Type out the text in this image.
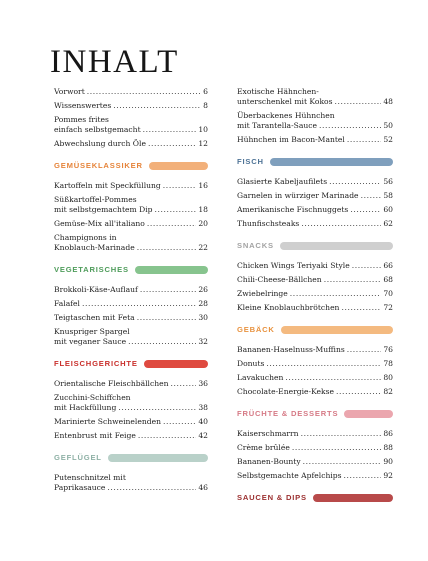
INHALT
Vorwort .....	6
Wissenswertes .....	8
Pommes frites
einfach selbstgemacht .....	10
Abwechslung durch Öle .....	12
GEMÜSEKLASSIKER
Kartoffeln mit Speckfüllung .....	16
Süßkartoffel-Pommes
mit selbstgemachtem Dip .....	18
Gemüse-Mix all'italiano .....	20
Champignons in
Knoblauch-Marinade .....	22
VEGETARISCHES
Brokkoli-Käse-Auflauf .....	26
Falafel .....	28
Teigtaschen mit Feta .....	30
Knuspriger Spargel
mit veganer Sauce .....	32
FLEISCHGERICHTE
Orientalische Fleischbällchen .....	36
Zucchini-Schiffchen
mit Hackfüllung .....	38
Marinierte Schweinelenden .....	40
Entenbrust mit Feige .....	42
GEFLÜGEL
Putenschnitzel mit
Paprikasauce .....	46
Exotische Hähnchen-
unterschenkel mit Kokos .....	48
Überbackenes Hühnchen
mit Tarantella-Sauce .....	50
Hühnchen im Bacon-Mantel .....	52
FISCH
Glasierte Kabeljaufilets .....	56
Garnelen in würziger Marinade .....	58
Amerikanische Fischnuggets .....	60
Thunfischsteaks .....	62
SNACKS
Chicken Wings Teriyaki Style .....	66
Chili-Cheese-Bällchen .....	68
Zwiebelringe .....	70
Kleine Knoblauchbrötchen .....	72
GEBÄCK
Bananen-Haselnuss-Muffins .....	76
Donuts .....	78
Lavakuchen .....	80
Chocolate-Energie-Kekse .....	82
FRÜCHTE & DESSERTS
Kaiserschmarrn .....	86
Crème brûlée .....	88
Bananen-Bounty .....	90
Selbstgemachte Apfelchips .....	92
SAUCEN & DIPS
